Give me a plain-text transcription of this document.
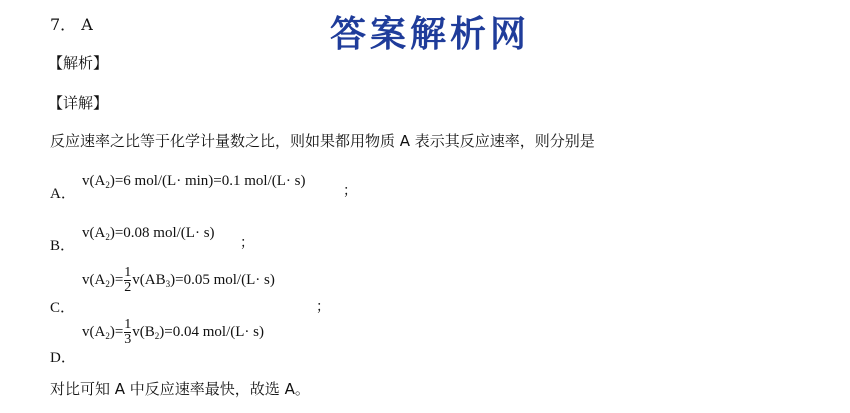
7． A	答案解析网
【解析】
【详解】
反应速率之比等于化学计量数之比，则如果都用物质 A 表示其反应速率，则分别是
A．
$v(A_2)=6$ mol/(L· min)=0.1 mol/(L· s)
；
B．
$v(A_2)=0.08$ mol/(L· s)
；
C．
$v(A_2)= \frac{1}{2} v(AB_3)=0.05$ mol/(L· s)
；
D．
$v(A_2)= \frac{1}{3} v(B_2)=0.04$ mol/(L· s)
对比可知 A 中反应速率最快，故选 A。
